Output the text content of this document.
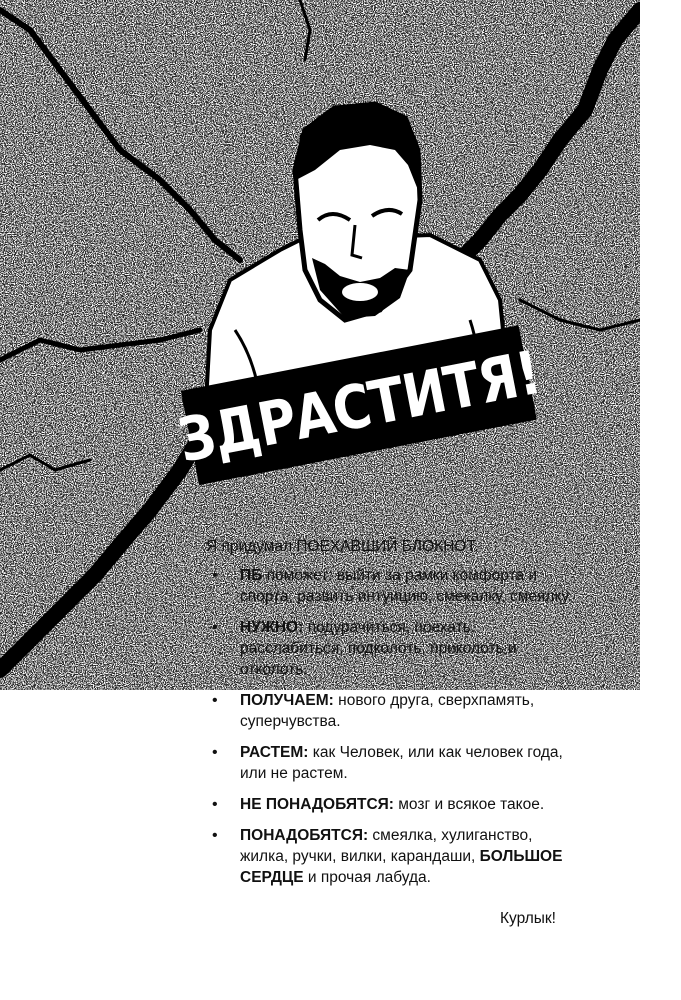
ЗДРАСТИТЯ!

Я придумал ПОЕХАВШИЙ БЛОКНОТ.

• ПБ поможет: выйти за рамки комфорта и спорта, развить интуицию, смекалку, смеялку.
• НУЖНО: подурачиться, поехать, расслабиться, подколоть, приколоть и отколоть.
• ПОЛУЧАЕМ: нового друга, сверхпамять, суперчувства.
• РАСТЕМ: как Человек, или как человек года, или не растем.
• НЕ ПОНАДОБЯТСЯ: мозг и всякое такое.
• ПОНАДОБЯТСЯ: смеялка, хулиганство, жилка, ручки, вилки, карандаши, БОЛЬШОЕ СЕРДЦЕ и прочая лабуда.
Курлык!
